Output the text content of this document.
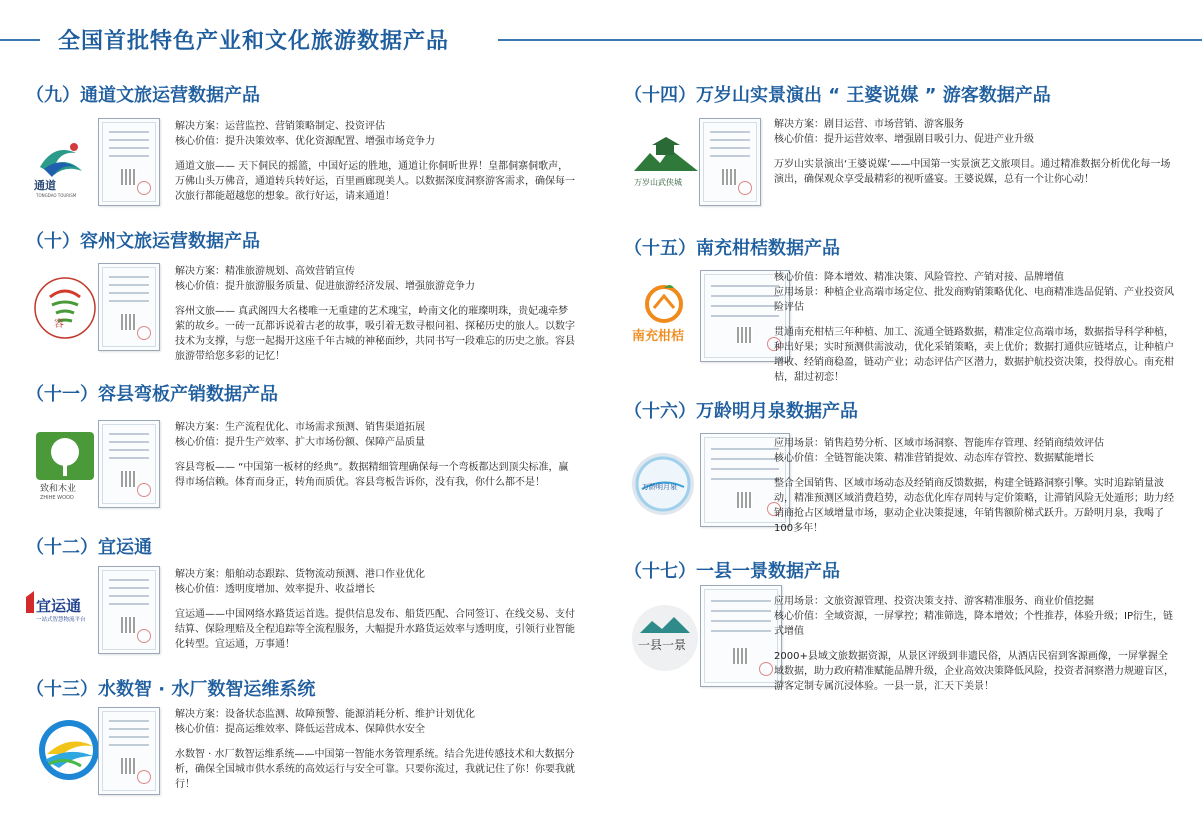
全国首批特色产业和文化旅游数据产品
（九）通道文旅运营数据产品
通道
TONGDAO TOURISM

解决方案：运营监控、营销策略制定、投资评估

核心价值：提升决策效率、优化资源配置、增强市场竞争力

通道文旅—— 天下侗民的摇篮，中国好运的胜地，通道让你侗昕世界！皇都侗寨侗歌声，万佛山头万佛音，通道转兵转好运，百里画廊现美人。以数据深度洞察游客需求，确保每一次旅行都能超越您的想象。欲行好运，请来通道！

（十）容州文旅运营数据产品
容

解决方案：精准旅游规划、高效营销宣传

核心价值：提升旅游服务质量、促进旅游经济发展、增强旅游竞争力

容州文旅—— 真武阁四大名楼唯一无重建的艺术瑰宝，岭南文化的璀璨明珠，贵妃魂牵梦萦的故乡。一砖一瓦都诉说着古老的故事，吸引着无数寻根问祖、探秘历史的旅人。以数字技术为支撑，与您一起揭开这座千年古城的神秘面纱，共同书写一段难忘的历史之旅。容县旅游带给您多彩的记忆！

（十一）容县弯板产销数据产品
致和木业
ZHIHE WOOD

解决方案：生产流程优化、市场需求预测、销售渠道拓展

核心价值：提升生产效率、扩大市场份额、保障产品质量

容县弯板—— “中国第一板材的经典”。数据精细管理确保每一个弯板都达到顶尖标准，赢得市场信赖。体育而身正，转角而质优。容县弯板告诉你，没有我，你什么都不是！

（十二）宜运通
宜运通
一站式智慧物流平台

解决方案：船舶动态跟踪、货物流动预测、港口作业优化

核心价值：透明度增加、效率提升、收益增长

宜运通——中国网络水路货运首选。提供信息发布、船货匹配、合同签订、在线交易、支付结算、保险理赔及全程追踪等全流程服务，大幅提升水路货运效率与透明度，引领行业智能化转型。宜运通，万事通！

（十三）水数智 · 水厂数智运维系统

解决方案：设备状态监测、故障预警、能源消耗分析、维护计划优化

核心价值：提高运维效率、降低运营成本、保障供水安全

水数智 · 水厂数智运维系统——中国第一智能水务管理系统。结合先进传感技术和大数据分析，确保全国城市供水系统的高效运行与安全可靠。只要你流过，我就记住了你！你要我就行！

（十四）万岁山实景演出 “ 王婆说媒 ” 游客数据产品
万岁山武侠城

解决方案：剧目运营、市场营销、游客服务

核心价值：提升运营效率、增强剧目吸引力、促进产业升级

万岁山实景演出‘王婆说媒’——中国第一实景演艺文旅项目。通过精准数据分析优化每一场演出，确保观众享受最精彩的视听盛宴。王婆说媒，总有一个让你心动！

（十五）南充柑桔数据产品
南充柑桔

核心价值：降本增效、精准决策、风险管控、产销对接、品牌增值

应用场景：种植企业高端市场定位、批发商购销策略优化、电商精准选品促销、产业投资风险评估

贯通南充柑桔三年种植、加工、流通全链路数据，精准定位高端市场，数据指导科学种植，种出好果；实时预测供需波动，优化采销策略，卖上优价；数据打通供应链堵点，让种植户增收、经销商稳盈，链动产业；动态评估产区潜力，数据护航投资决策，投得放心。南充柑桔，甜过初恋！

（十六）万龄明月泉数据产品
万龄明月泉

应用场景：销售趋势分析、区域市场洞察、智能库存管理、经销商绩效评估

核心价值：全链智能决策、精准营销提效、动态库存管控、数据赋能增长

整合全国销售、区域市场动态及经销商反馈数据，构建全链路洞察引擎。实时追踪销量波动，精准预测区域消费趋势，动态优化库存周转与定价策略，让滞销风险无处遁形；助力经销商抢占区域增量市场，驱动企业决策提速，年销售额阶梯式跃升。万龄明月泉，我喝了100多年！

（十七）一县一景数据产品
一县一景

应用场景：文旅资源管理、投资决策支持、游客精准服务、商业价值挖掘

核心价值：全域资源，一屏掌控；精准筛选，降本增效；个性推荐，体验升级；IP衍生，链式增值

2000+县域文旅数据资源，从景区评级到非遗民俗，从酒店民宿到客源画像，一屏掌握全域数据，助力政府精准赋能品牌升级，企业高效决策降低风险，投资者洞察潜力规避盲区，游客定制专属沉浸体验。一县一景，汇天下美景！
